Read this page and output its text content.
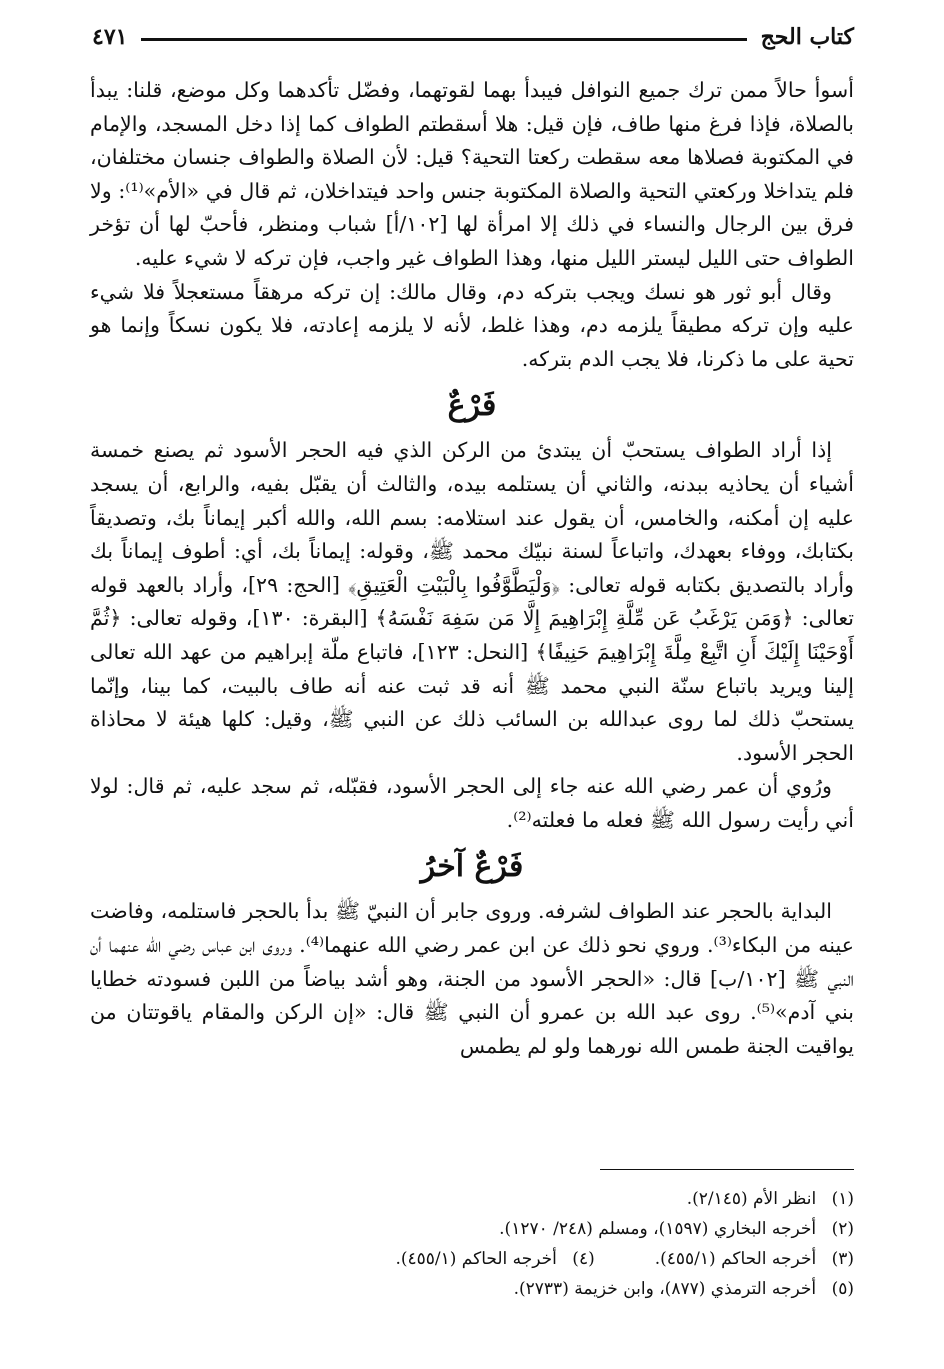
كتاب الحج
٤٧١

أسوأ حالاً ممن ترك جميع النوافل فيبدأ بهما لقوتهما، وفضّل تأكدهما وكل موضع، قلنا: يبدأ بالصلاة، فإذا فرغ منها طاف، فإن قيل: هلا أسقطتم الطواف كما إذا دخل المسجد، والإمام في المكتوبة فصلاها معه سقطت ركعتا التحية؟ قيل: لأن الصلاة والطواف جنسان مختلفان، فلم يتداخلا وركعتي التحية والصلاة المكتوبة جنس واحد فيتداخلان، ثم قال في «الأم»⁽¹⁾: ولا فرق بين الرجال والنساء في ذلك إلا امرأة لها [١٠٢/أ] شباب ومنظر، فأحبّ لها أن تؤخر الطواف حتى الليل ليستر الليل منها، وهذا الطواف غير واجب، فإن تركه لا شيء عليه.

وقال أبو ثور هو نسك ويجب بتركه دم، وقال مالك: إن تركه مرهقاً مستعجلاً فلا شيء عليه وإن تركه مطيقاً يلزمه دم، وهذا غلط، لأنه لا يلزمه إعادته، فلا يكون نسكاً وإنما هو تحية على ما ذكرنا، فلا يجب الدم بتركه.

فَرْعٌ

إذا أراد الطواف يستحبّ أن يبتدئ من الركن الذي فيه الحجر الأسود ثم يصنع خمسة أشياء أن يحاذيه ببدنه، والثاني أن يستلمه بيده، والثالث أن يقبّل بفيه، والرابع، أن يسجد عليه إن أمكنه، والخامس، أن يقول عند استلامه: بسم الله، والله أكبر إيماناً بك، وتصديقاً بكتابك، ووفاء بعهدك، واتباعاً لسنة نبيّك محمد ﷺ، وقوله: إيماناً بك، أي: أطوف إيماناً بك وأراد بالتصديق بكتابه قوله تعالى: ﴿وَلْيَطَّوَّفُوا بِالْبَيْتِ الْعَتِيقِ﴾ [الحج: ٢٩]، وأراد بالعهد قوله تعالى: ﴿وَمَن يَرْغَبُ عَن مِّلَّةِ إِبْرَاهِيمَ إِلَّا مَن سَفِهَ نَفْسَهُ﴾ [البقرة: ١٣٠]، وقوله تعالى: ﴿ثُمَّ أَوْحَيْنَا إِلَيْكَ أَنِ اتَّبِعْ مِلَّةَ إِبْرَاهِيمَ حَنِيفًا﴾ [النحل: ١٢٣]، فاتباع ملّة إبراهيم من عهد الله تعالى إلينا ويريد باتباع سنّة النبي محمد ﷺ أنه قد ثبت عنه أنه طاف بالبيت، كما بينا، وإنّما يستحبّ ذلك لما روى عبدالله بن السائب ذلك عن النبي ﷺ، وقيل: كلها هيئة لا محاذاة الحجر الأسود.

ورُوي أن عمر رضي الله عنه جاء إلى الحجر الأسود، فقبّله، ثم سجد عليه، ثم قال: لولا أني رأيت رسول الله ﷺ فعله ما فعلته⁽²⁾.

فَرْعٌ آخرُ

البداية بالحجر عند الطواف لشرفه. وروى جابر أن النبيّ ﷺ بدأ بالحجر فاستلمه، وفاضت عينه من البكاء⁽³⁾. وروي نحو ذلك عن ابن عمر رضي الله عنهما⁽⁴⁾. وروى ابن عباس رضي الله عنهما أن النبي ﷺ [١٠٢/ب] قال: «الحجر الأسود من الجنة، وهو أشد بياضاً من اللبن فسودته خطايا بني آدم»⁽⁵⁾. روى عبد الله بن عمرو أن النبي ﷺ قال: «إن الركن والمقام ياقوتتان من يواقيت الجنة طمس الله نورهما ولو لم يطمس

(١) انظر الأم (٢/١٤٥).
(٢) أخرجه البخاري (١٥٩٧)، ومسلم (٢٤٨/ ١٢٧٠).
(٣) أخرجه الحاكم (٤٥٥/١).
(٤) أخرجه الحاكم (٤٥٥/١).
(٥) أخرجه الترمذي (٨٧٧)، وابن خزيمة (٢٧٣٣).
